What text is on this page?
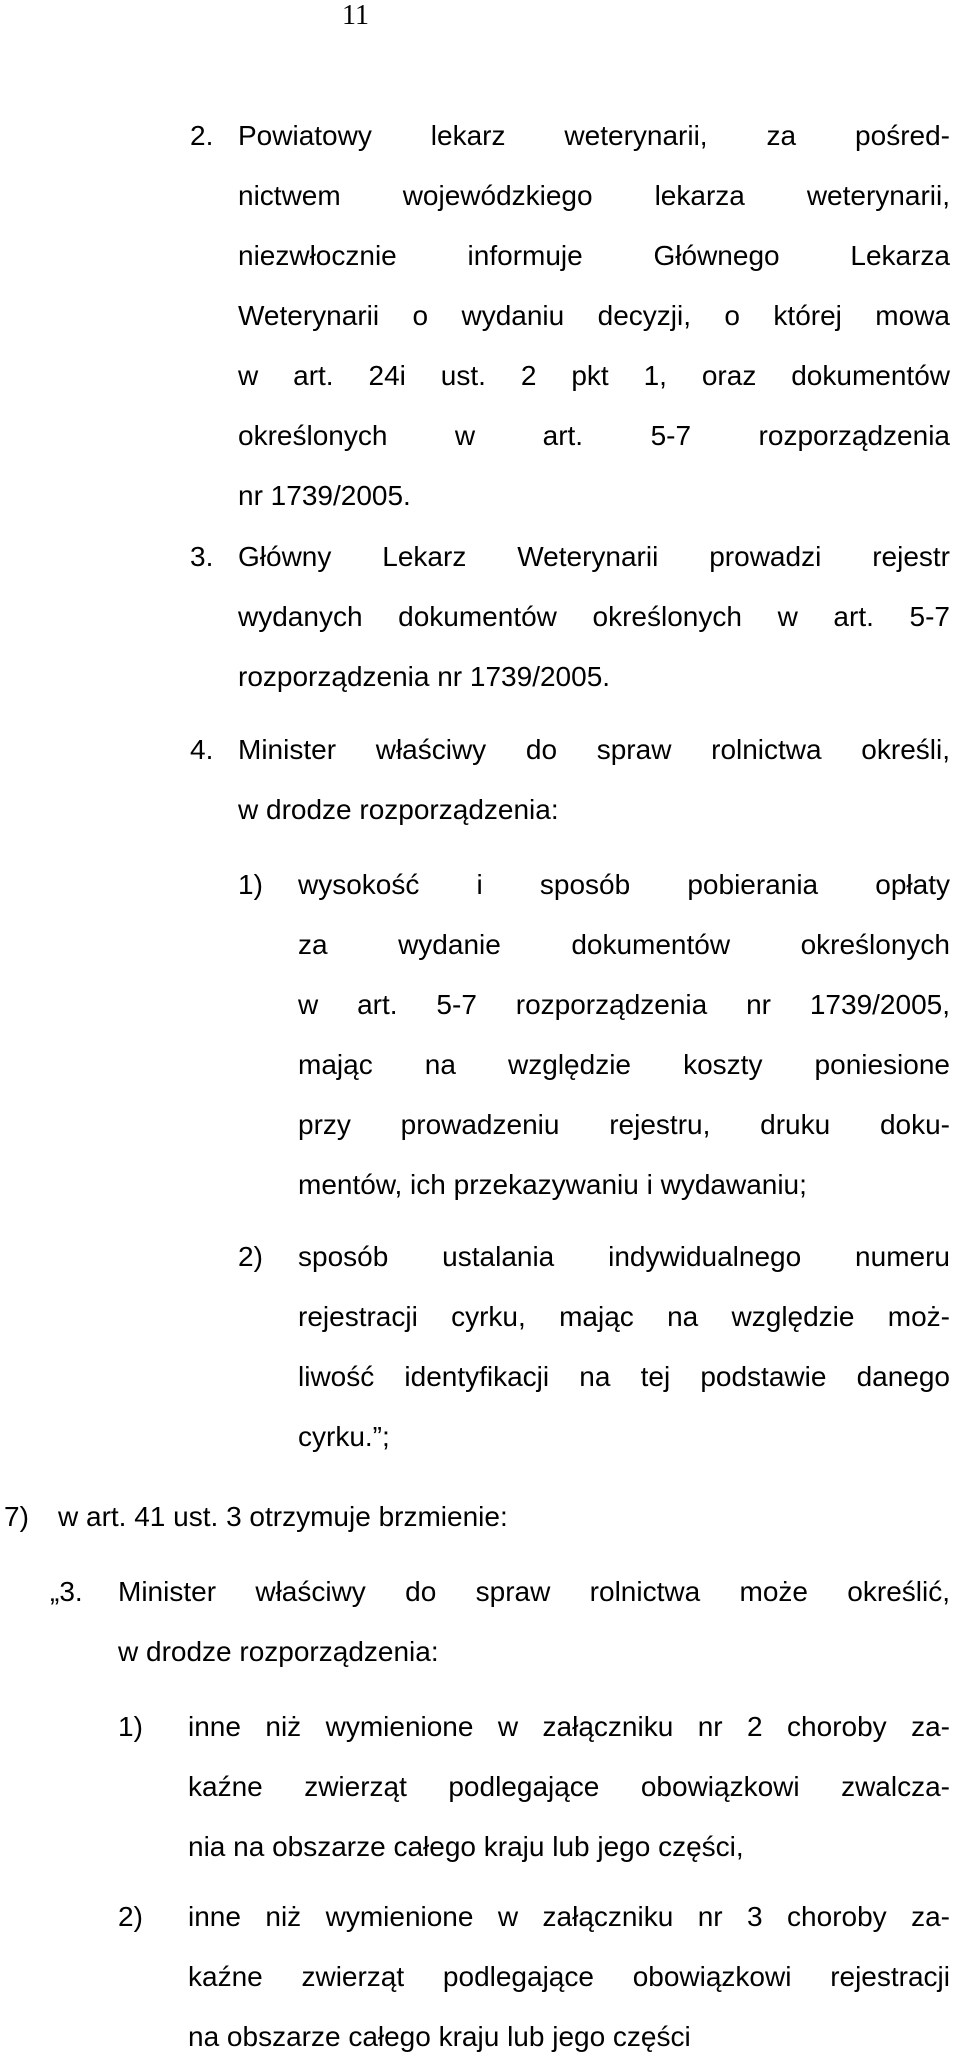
11
2. Powiatowy lekarz weterynarii, za pośred-
nictwem wojewódzkiego lekarza weterynarii,
niezwłocznie informuje Głównego Lekarza
Weterynarii o wydaniu decyzji, o której mowa
w art. 24i ust. 2 pkt 1, oraz dokumentów
określonych w art. 5-7 rozporządzenia
nr 1739/2005.
3. Główny Lekarz Weterynarii prowadzi rejestr
wydanych dokumentów określonych w art. 5-7
rozporządzenia nr 1739/2005.
4. Minister właściwy do spraw rolnictwa określi,
w drodze rozporządzenia:
1) wysokość i sposób pobierania opłaty
za wydanie dokumentów określonych
w art. 5-7 rozporządzenia nr 1739/2005,
mając na względzie koszty poniesione
przy prowadzeniu rejestru, druku doku-
mentów, ich przekazywaniu i wydawaniu;
2) sposób ustalania indywidualnego numeru
rejestracji cyrku, mając na względzie moż-
liwość identyfikacji na tej podstawie danego
cyrku.”;
7) w art. 41 ust. 3 otrzymuje brzmienie:
„3. Minister właściwy do spraw rolnictwa może określić,
w drodze rozporządzenia:
1) inne niż wymienione w załączniku nr 2 choroby za-
kaźne zwierząt podlegające obowiązkowi zwalcza-
nia na obszarze całego kraju lub jego części,
2) inne niż wymienione w załączniku nr 3 choroby za-
kaźne zwierząt podlegające obowiązkowi rejestracji
na obszarze całego kraju lub jego części
